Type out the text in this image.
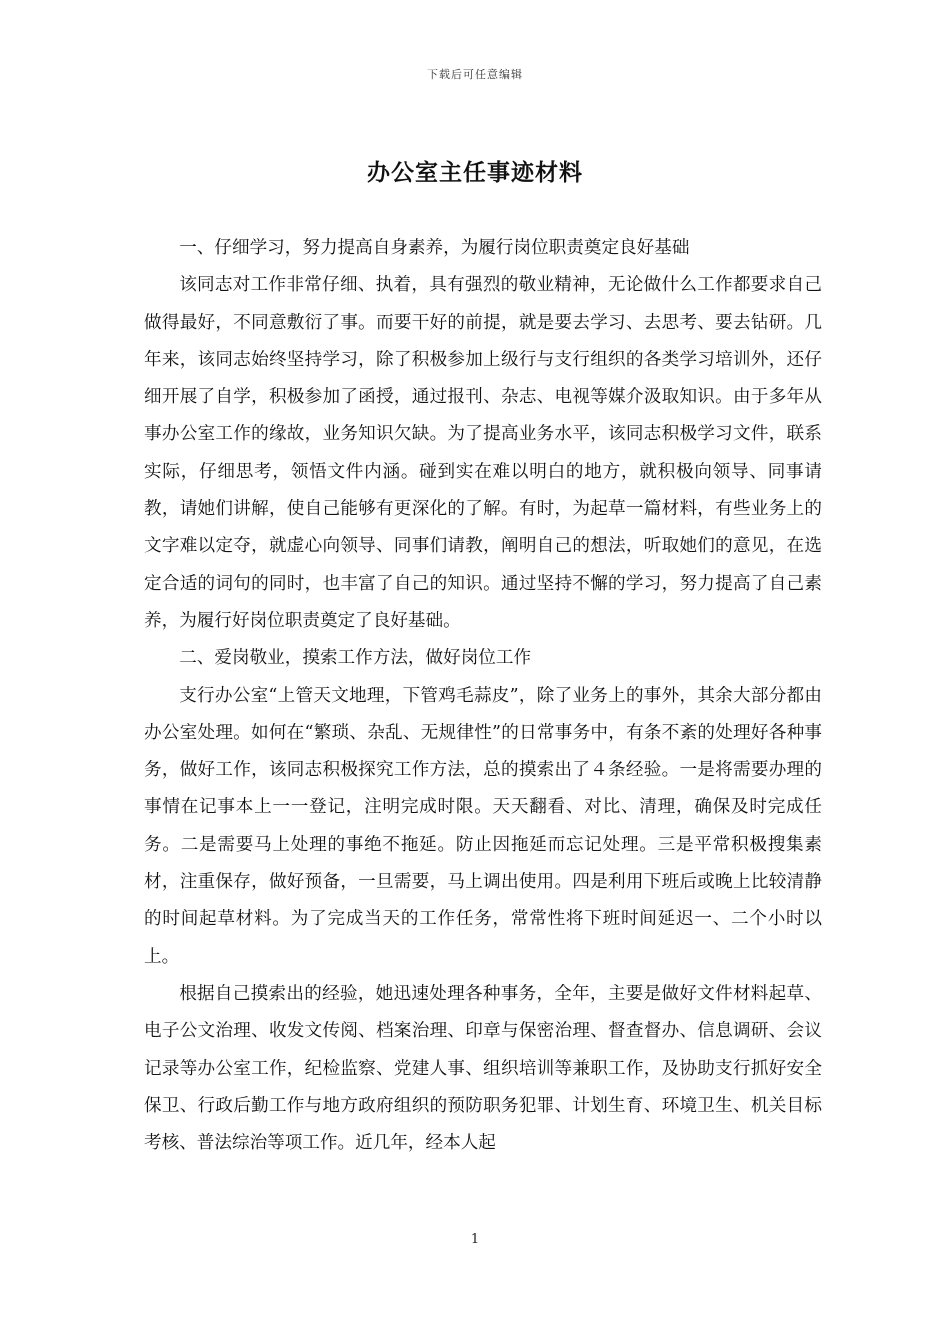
下载后可任意编辑
办公室主任事迹材料

一、仔细学习，努力提高自身素养，为履行岗位职责奠定良好基础

该同志对工作非常仔细、执着，具有强烈的敬业精神，无论做什么工作都要求自己做得最好，不同意敷衍了事。而要干好的前提，就是要去学习、去思考、要去钻研。几年来，该同志始终坚持学习，除了积极参加上级行与支行组织的各类学习培训外，还仔细开展了自学，积极参加了函授，通过报刊、杂志、电视等媒介汲取知识。由于多年从事办公室工作的缘故，业务知识欠缺。为了提高业务水平，该同志积极学习文件，联系实际，仔细思考，领悟文件内涵。碰到实在难以明白的地方，就积极向领导、同事请教，请她们讲解，使自己能够有更深化的了解。有时，为起草一篇材料，有些业务上的文字难以定夺，就虚心向领导、同事们请教，阐明自己的想法，听取她们的意见，在选定合适的词句的同时，也丰富了自己的知识。通过坚持不懈的学习，努力提高了自己素养，为履行好岗位职责奠定了良好基础。

二、爱岗敬业，摸索工作方法，做好岗位工作

支行办公室“上管天文地理，下管鸡毛蒜皮”，除了业务上的事外，其余大部分都由办公室处理。如何在“繁琐、杂乱、无规律性”的日常事务中，有条不紊的处理好各种事务，做好工作，该同志积极探究工作方法，总的摸索出了４条经验。一是将需要办理的事情在记事本上一一登记，注明完成时限。天天翻看、对比、清理，确保及时完成任务。二是需要马上处理的事绝不拖延。防止因拖延而忘记处理。三是平常积极搜集素材，注重保存，做好预备，一旦需要，马上调出使用。四是利用下班后或晚上比较清静的时间起草材料。为了完成当天的工作任务，常常性将下班时间延迟一、二个小时以上。

根据自己摸索出的经验，她迅速处理各种事务，全年，主要是做好文件材料起草、电子公文治理、收发文传阅、档案治理、印章与保密治理、督查督办、信息调研、会议记录等办公室工作，纪检监察、党建人事、组织培训等兼职工作，及协助支行抓好安全保卫、行政后勤工作与地方政府组织的预防职务犯罪、计划生育、环境卫生、机关目标考核、普法综治等项工作。近几年，经本人起

1
